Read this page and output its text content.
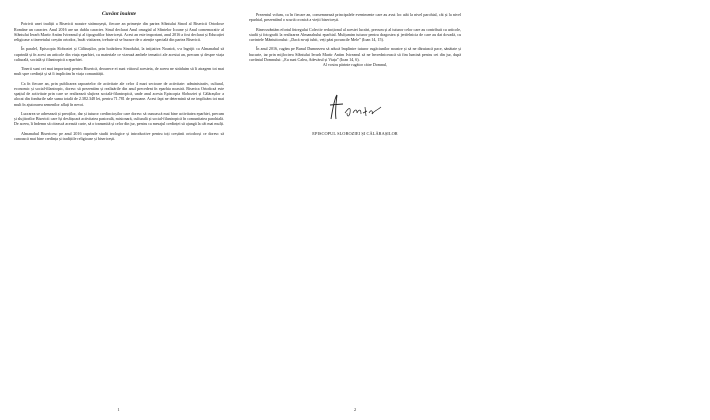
Cuvânt înainte

Potrivit unei tradiții a Bisericii noastre strămoșești, fiecare an primește din partea Sfântului Sinod al Bisericii Ortodoxe Române un caracter. Anul 2016 are un dublu caracter. Sinul declarat Anul omagial al Sfintelor Icoane și Anul comemorativ al Sfântului Ierarh Martir Antim Ivireanul și al tipografilor bisericești. Acest an este important, anul 2016 a fost declarat și Educației religioase a tineretului creștin ortodox, încât vizitarea, trebuie să se bucure de o atenție specială din partea Bisericii.

În paralel, Episcopia Sloboziei și Călărașilor, prin hotărârea Sinodului, la inițiativa Noastră, s-a îngrijit ca Almanahul să cuprindă și în acest an articole din viața eparhiei, cu materiale ce vizează ambele tematici ale acestui an, precum și despre viața culturală, socială și filantropică a eparhiei.

Tinerii sunt cei mai importanți pentru Biserică, deoarece ei sunt viitorul acesteia, de aceea ne străduim să îi atragem tot mai mult spre credință și să îi implicăm în viața comunității.

Ca în fiecare an, prin publicarea rapoartelor de activitate ale celor 4 mari sectoare de activitate: administrativ, cultural, economic și social-filantropic, doresc să prezentăm și realizările din anul precedent în eparhia noastră. Biserica Ortodoxă este spațiul de activitate prin care se realizează slujirea socială-filantropică, unde anul acesta Episcopia Sloboziei și Călărașilor a alocat din fondurile sale suma totală de 2.382.348 lei, pentru 71.781 de persoane. Acest fapt ne determină să ne implicăm tot mai mult în ajutorarea semenilor aflați în nevoi.

Lucrarea se adresează și preoților, dar și tuturor credincioșilor care doresc să cunoască mai bine activitatea eparhiei, precum și slujitorilor Bisericii care își desfășoară activitatea pastorală, misionară, culturală și social-filantropică în comunitatea parohială. De aceea, îi îndemn să citească această carte, să o transmită și celor din jur, pentru ca mesajul credinței să ajungă la cât mai mulți.

Almanahul Bisericesc pe anul 2016 cuprinde studii teologice și introductive pentru toți creștinii ortodocși ce doresc să cunoască mai bine credința și tradițiile religioase și bisericești.

1

Prezentul volum, ca în fiecare an, consemnează principalele evenimente care au avut loc atât la nivel parohial, cât și la nivel eparhial, prezentând o scurtă cronică a vieții bisericești.

Binecuvântăm efortul întregului Colectiv redacțional al acestei lucrări, precum și al tuturor celor care au contribuit cu articole, studii și fotografii la realizarea Almanahului eparhial. Mulțumim tuturor pentru dragostea și jertfelnicia de care au dat dovadă, cu cuvintele Mântuitorului: „Dacă m-ați iubit, veți păzi poruncile Mele” (Ioan 14, 15).

În anul 2016, rugăm pe Bunul Dumnezeu să aducă împlinire tuturor rugăciunilor noastre și să ne dăruiască pace, sănătate și bucurie, iar prin mijlocirea Sfântului Ierarh Martir Antim Ivireanul să ne învrednicească să fim lumină pentru cei din jur, după cuvântul Domnului: „Eu sunt Calea, Adevărul și Viața” (Ioan 14, 6).

Al vostru părinte rugător către Domnul,

EPISCOPUL SLOBOZIEI ȘI CĂLĂRAȘILOR

2
